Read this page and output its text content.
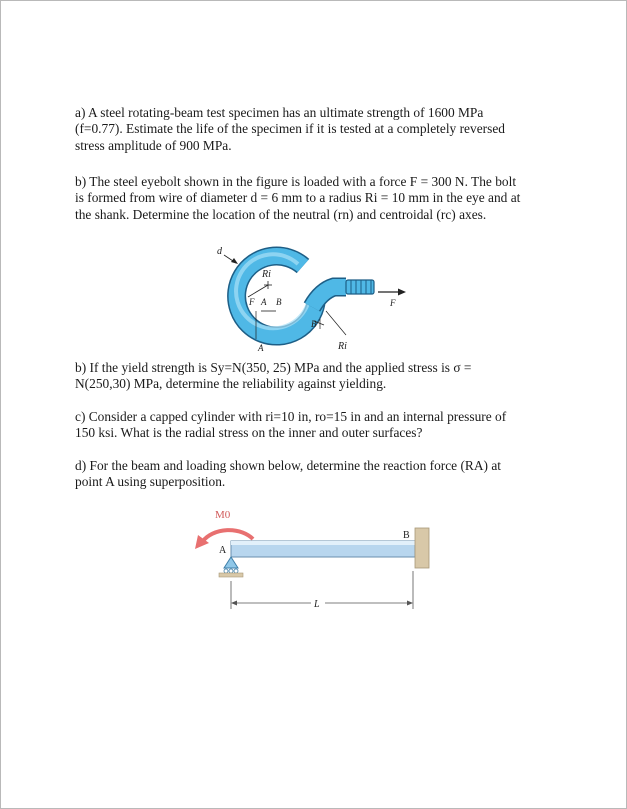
a) A steel rotating-beam test specimen has an ultimate strength of 1600 MPa
(f=0.77). Estimate the life of the specimen if it is tested at a completely reversed
stress amplitude of 900 MPa.
b) The steel eyebolt shown in the figure is loaded with a force F = 300 N. The bolt
is formed from wire of diameter d = 6 mm to a radius Ri = 10 mm in the eye and at
the shank. Determine the location of the neutral (rn) and centroidal (rc) axes.
d
Ri
F A B
B
A	Ri
F
b) If the yield strength is Sy=N(350, 25) MPa and the applied stress is σ =
N(250,30) MPa, determine the reliability against yielding.
c) Consider a capped cylinder with ri=10 in, ro=15 in and an internal pressure of
150 ksi. What is the radial stress on the inner and outer surfaces?
d) For the beam and loading shown below, determine the reaction force (RA) at
point A using superposition.
M0
A
B
L
